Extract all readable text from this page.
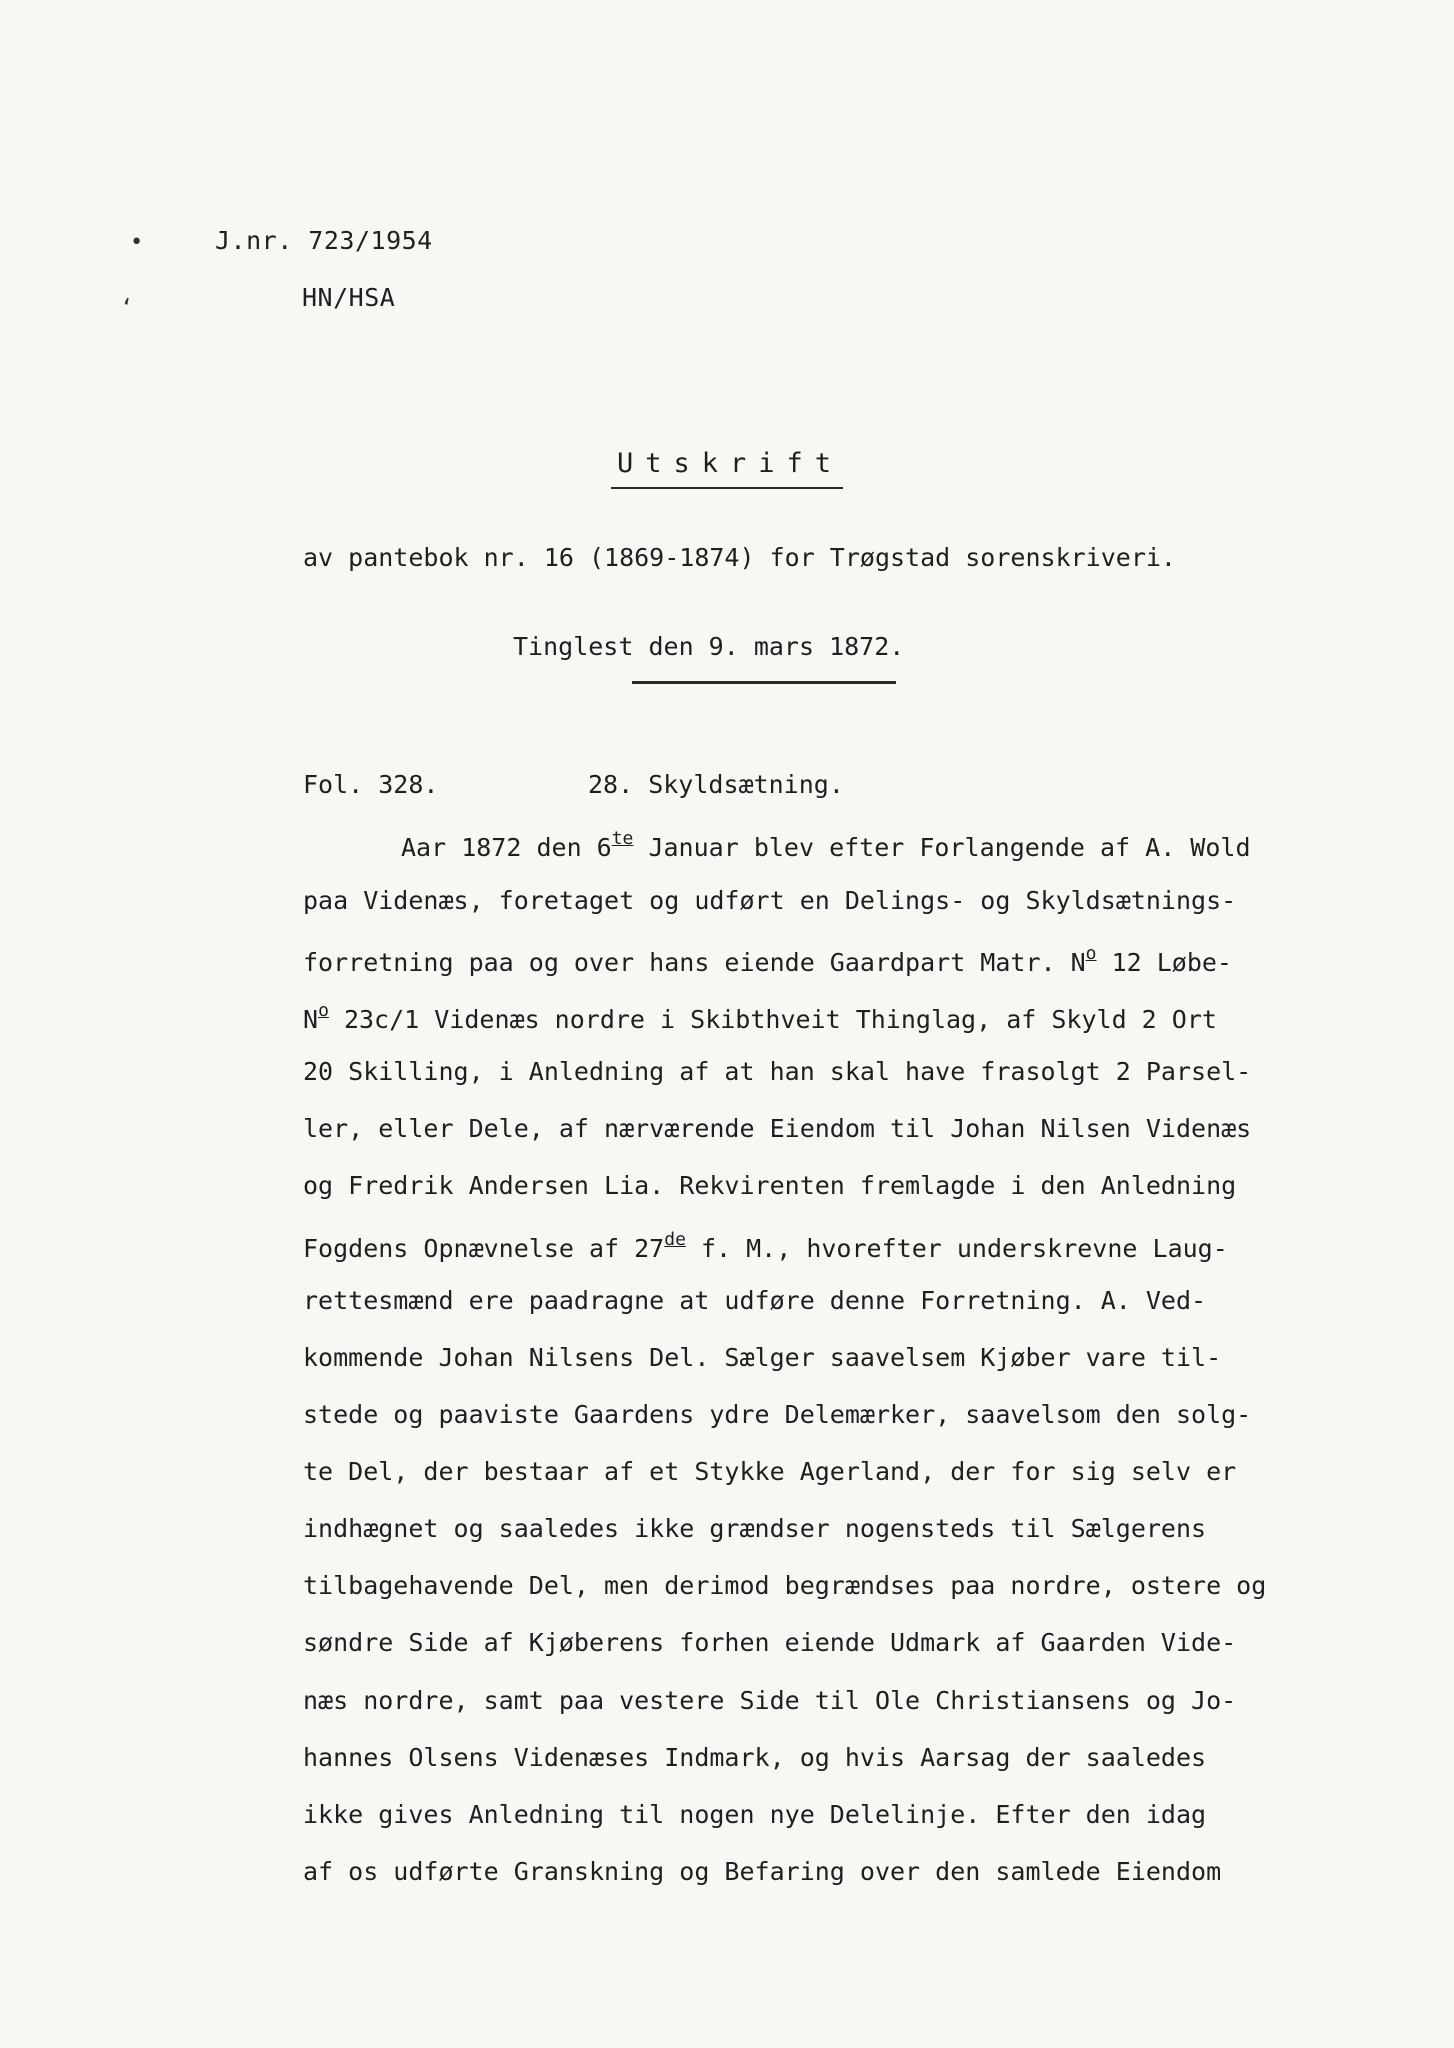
•
‘
J.nr. 723/1954
HN/HSA
Utskrift
av pantebok nr. 16 (1869-1874) for Trøgstad sorenskriveri.
Tinglest den 9. mars 1872.
Fol. 328.	28. Skyldsætning.
Aar 1872 den $6^{te}$ Januar blev efter Forlangende af A. Wold
paa Videnæs, foretaget og udført en Delings- og Skyldsætnings-
forretning paa og over hans eiende Gaardpart Matr. $N^o$ 12 Løbe-
$N^o$ 23c/1 Videnæs nordre i Skibthveit Thinglag, af Skyld 2 Ort
20 Skilling, i Anledning af at han skal have frasolgt 2 Parsel-
ler, eller Dele, af nærværende Eiendom til Johan Nilsen Videnæs
og Fredrik Andersen Lia. Rekvirenten fremlagde i den Anledning
Fogdens Opnævnelse af 27de f. M., hvorefter underskrevne Laug-
rettesmænd ere paadragne at udføre denne Forretning. A. Ved-
kommende Johan Nilsens Del. Sælger saavelsem Kjøber vare til-
stede og paaviste Gaardens ydre Delemærker, saavelsom den solg-
te Del, der bestaar af et Stykke Agerland, der for sig selv er
indhægnet og saaledes ikke grændser nogensteds til Sælgerens
tilbagehavende Del, men derimod begrændses paa nordre, ostere og
søndre Side af Kjøberens forhen eiende Udmark af Gaarden Vide-
næs nordre, samt paa vestere Side til Ole Christiansens og Jo-
hannes Olsens Videnæses Indmark, og hvis Aarsag der saaledes
ikke gives Anledning til nogen nye Delelinje. Efter den idag
af os udførte Granskning og Befaring over den samlede Eiendom
